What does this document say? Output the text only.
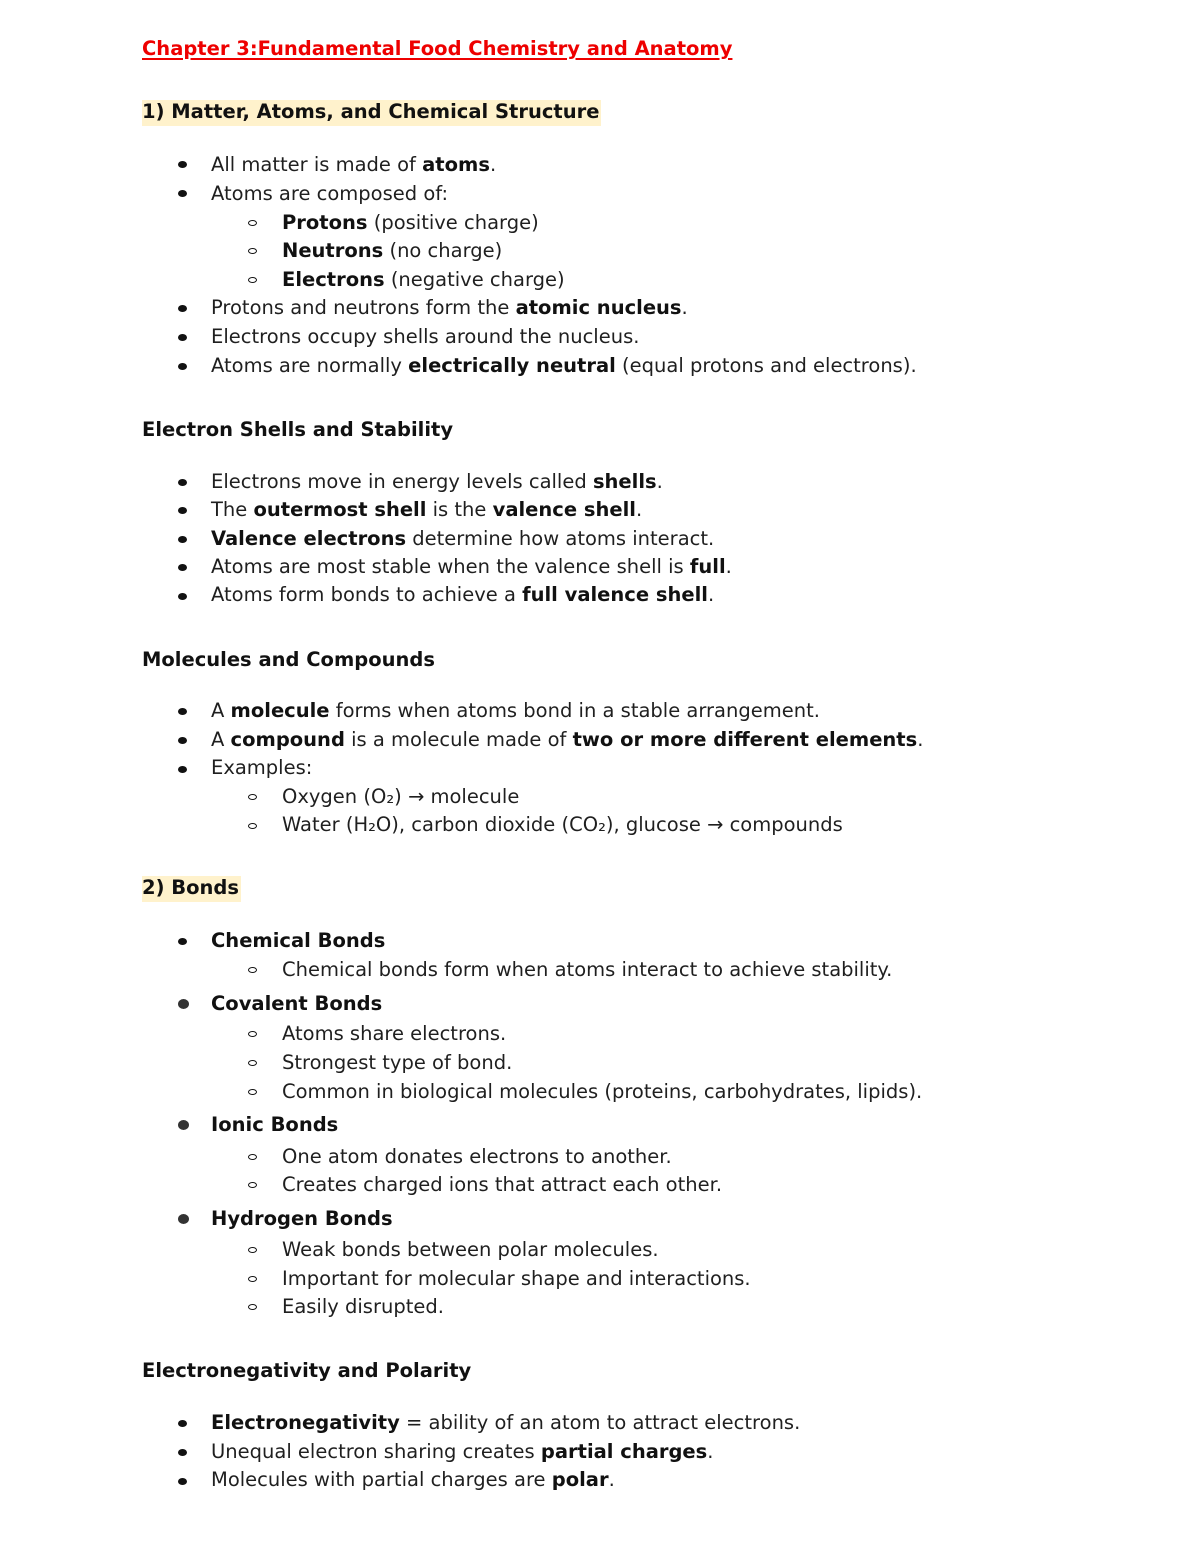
Chapter 3:Fundamental Food Chemistry and Anatomy
1) Matter, Atoms, and Chemical Structure
All matter is made of atoms.
Atoms are composed of:
Protons (positive charge)
Neutrons (no charge)
Electrons (negative charge)
Protons and neutrons form the atomic nucleus.
Electrons occupy shells around the nucleus.
Atoms are normally electrically neutral (equal protons and electrons).
Electron Shells and Stability
Electrons move in energy levels called shells.
The outermost shell is the valence shell.
Valence electrons determine how atoms interact.
Atoms are most stable when the valence shell is full.
Atoms form bonds to achieve a full valence shell.
Molecules and Compounds
A molecule forms when atoms bond in a stable arrangement.
A compound is a molecule made of two or more different elements.
Examples:
Oxygen (O₂) → molecule
Water (H₂O), carbon dioxide (CO₂), glucose → compounds
2) Bonds
Chemical Bonds
Chemical bonds form when atoms interact to achieve stability.
Covalent Bonds
Atoms share electrons.
Strongest type of bond.
Common in biological molecules (proteins, carbohydrates, lipids).
Ionic Bonds
One atom donates electrons to another.
Creates charged ions that attract each other.
Hydrogen Bonds
Weak bonds between polar molecules.
Important for molecular shape and interactions.
Easily disrupted.
Electronegativity and Polarity
Electronegativity = ability of an atom to attract electrons.
Unequal electron sharing creates partial charges.
Molecules with partial charges are polar.
